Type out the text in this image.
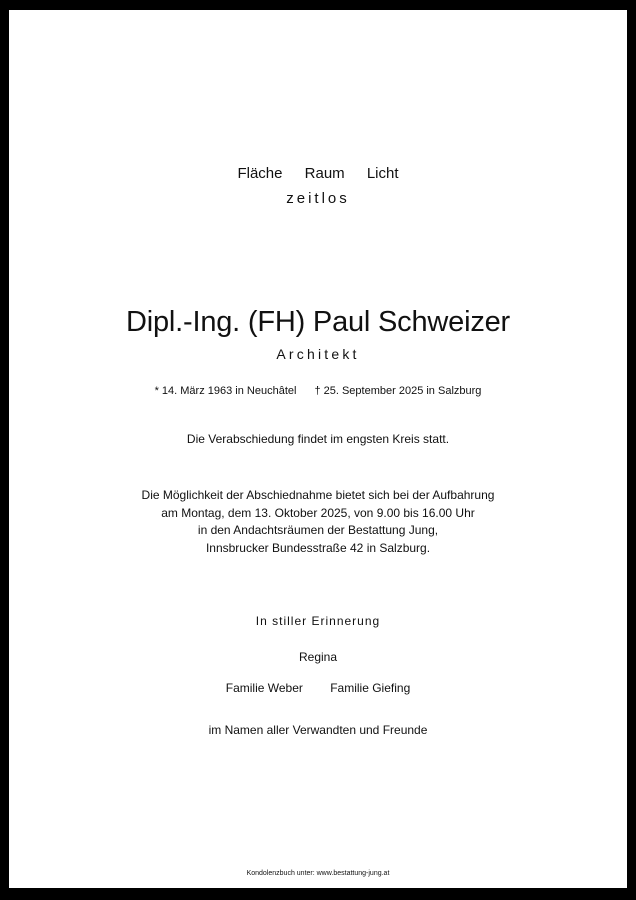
Fläche Raum Licht
zeitlos
Dipl.-Ing. (FH) Paul Schweizer
Architekt
* 14. März 1963 in Neuchâtel † 25. September 2025 in Salzburg
Die Verabschiedung findet im engsten Kreis statt.
Die Möglichkeit der Abschiednahme bietet sich bei der Aufbahrung
am Montag, dem 13. Oktober 2025, von 9.00 bis 16.00 Uhr
in den Andachtsräumen der Bestattung Jung,
Innsbrucker Bundesstraße 42 in Salzburg.
In stiller Erinnerung
Regina
Familie Weber Familie Giefing
im Namen aller Verwandten und Freunde
Kondolenzbuch unter: www.bestattung-jung.at
